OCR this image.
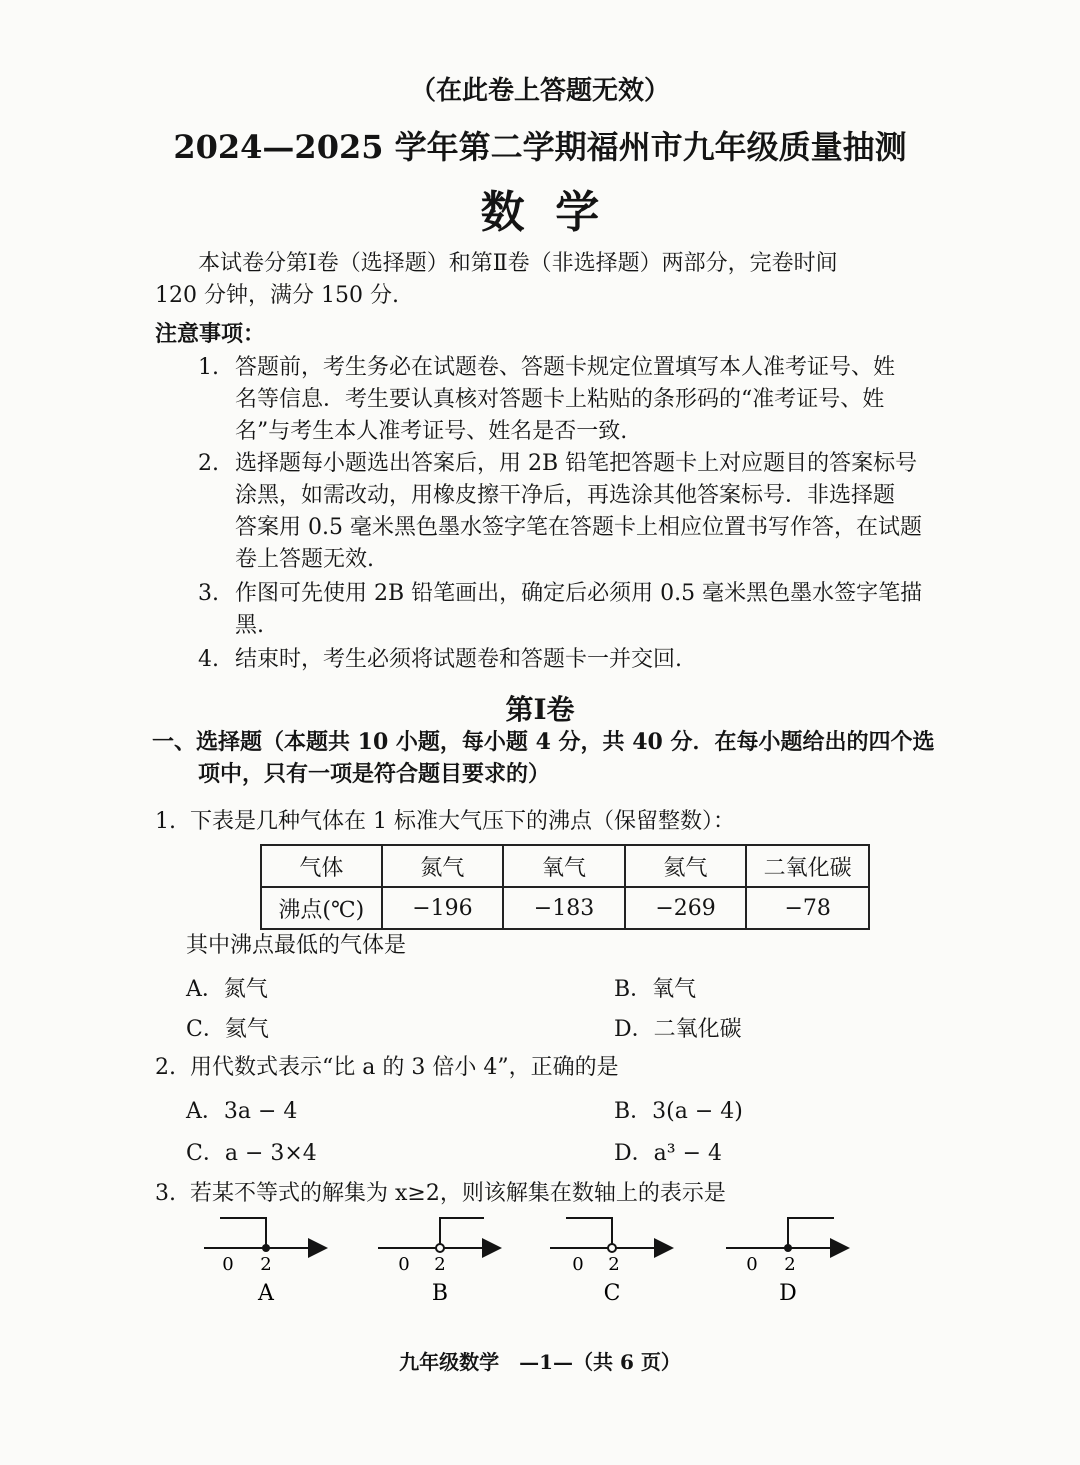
（在此卷上答题无效）
2024—2025 学年第二学期福州市九年级质量抽测
数  学
本试卷分第Ⅰ卷（选择题）和第Ⅱ卷（非选择题）两部分，完卷时间
120 分钟，满分 150 分.
注意事项：
1. 答题前，考生务必在试题卷、答题卡规定位置填写本人准考证号、姓
名等信息．考生要认真核对答题卡上粘贴的条形码的“准考证号、姓
名”与考生本人准考证号、姓名是否一致.
2. 选择题每小题选出答案后，用 2B 铅笔把答题卡上对应题目的答案标号
涂黑，如需改动，用橡皮擦干净后，再选涂其他答案标号．非选择题
答案用 0.5 毫米黑色墨水签字笔在答题卡上相应位置书写作答，在试题
卷上答题无效.
3. 作图可先使用 2B 铅笔画出，确定后必须用 0.5 毫米黑色墨水签字笔描
黑.
4. 结束时，考生必须将试题卷和答题卡一并交回.
第Ⅰ卷
一、选择题（本题共 10 小题，每小题 4 分，共 40 分．在每小题给出的四个选
项中，只有一项是符合题目要求的）
1. 下表是几种气体在 1 标准大气压下的沸点（保留整数）：
气体	氮气	氧气	氦气	二氧化碳
沸点(℃)	−196	−183	−269	−78
其中沸点最低的气体是
A．氮气	B．氧气
C．氦气	D．二氧化碳
2. 用代数式表示“比 a 的 3 倍小 4”，正确的是
A．3a − 4	B．3(a − 4)
C．a − 3×4	D．a³ − 4
3. 若某不等式的解集为 x≥2，则该解集在数轴上的表示是
0 2
A
0 2
B
0 2
C
0 2
D
九年级数学　—1—（共 6 页）
